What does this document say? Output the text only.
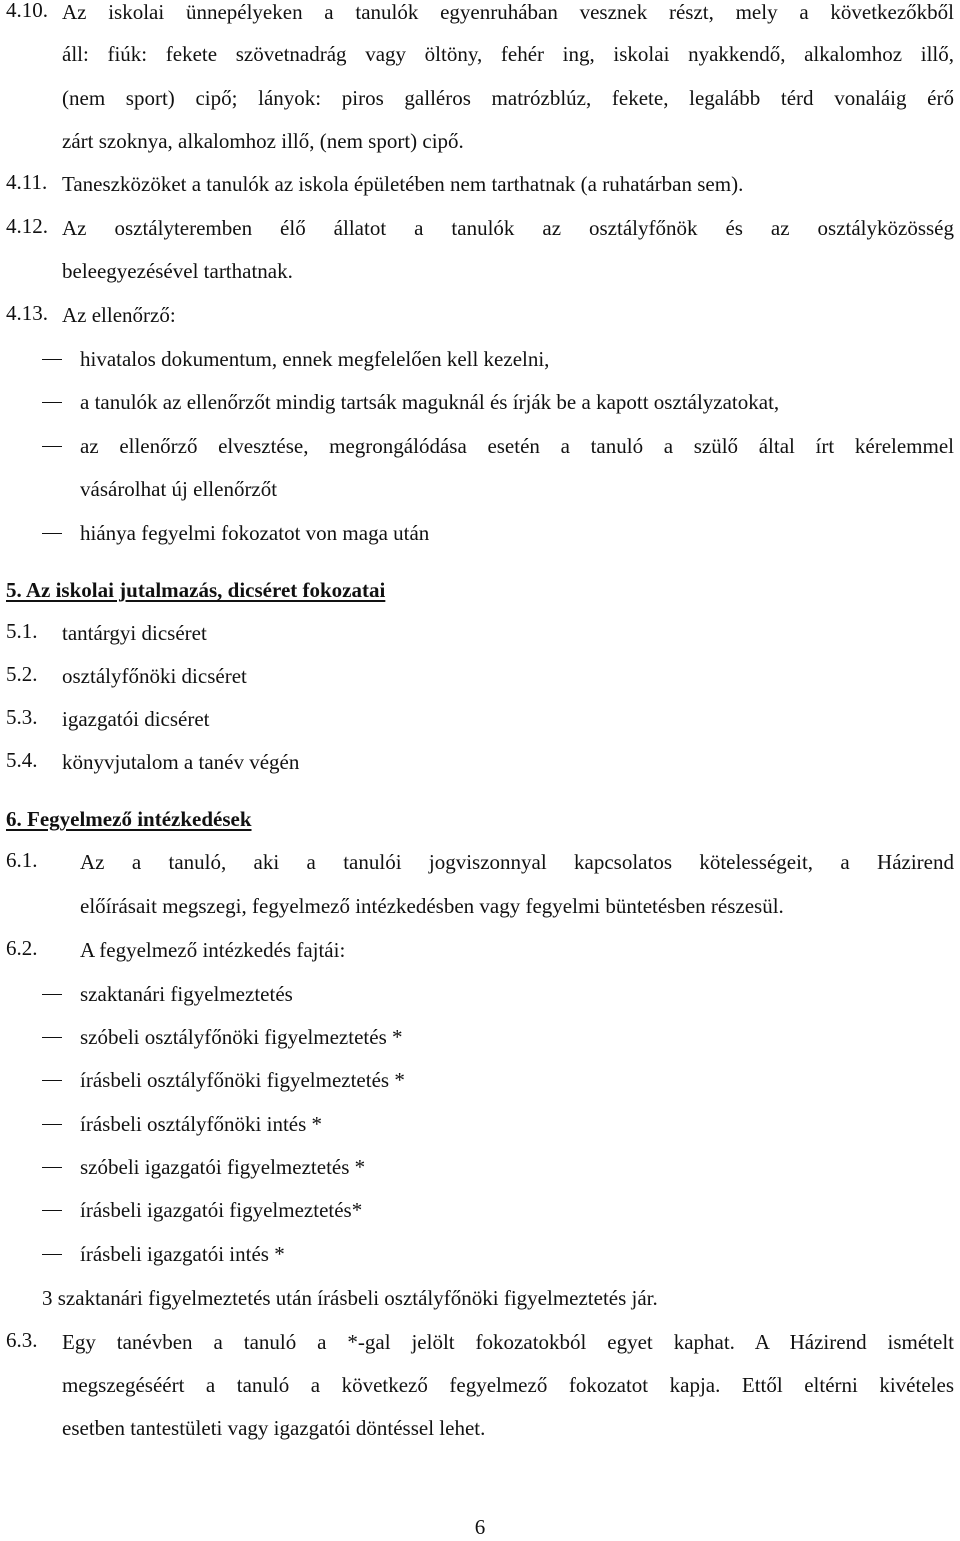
4.10. Az iskolai ünnepélyeken a tanulók egyenruhában vesznek részt, mely a következőkből
áll: fiúk: fekete szövetnadrág vagy öltöny, fehér ing, iskolai nyakkendő, alkalomhoz illő,
(nem sport) cipő; lányok: piros galléros matrózblúz, fekete, legalább térd vonaláig érő
zárt szoknya, alkalomhoz illő, (nem sport) cipő.
4.11. Taneszközöket a tanulók az iskola épületében nem tarthatnak (a ruhatárban sem).
4.12. Az osztályteremben élő állatot a tanulók az osztályfőnök és az osztályközösség
beleegyezésével tarthatnak.
4.13. Az ellenőrző:
hivatalos dokumentum, ennek megfelelően kell kezelni,
a tanulók az ellenőrzőt mindig tartsák maguknál és írják be a kapott osztályzatokat,
az ellenőrző elvesztése, megrongálódása esetén a tanuló a szülő által írt kérelemmel
vásárolhat új ellenőrzőt
hiánya fegyelmi fokozatot von maga után
5. Az iskolai jutalmazás, dicséret fokozatai
5.1. tantárgyi dicséret
5.2. osztályfőnöki dicséret
5.3. igazgatói dicséret
5.4. könyvjutalom a tanév végén
6. Fegyelmező intézkedések
6.1. Az a tanuló, aki a tanulói jogviszonnyal kapcsolatos kötelességeit, a Házirend
előírásait megszegi, fegyelmező intézkedésben vagy fegyelmi büntetésben részesül.
6.2. A fegyelmező intézkedés fajtái:
szaktanári figyelmeztetés
szóbeli osztályfőnöki figyelmeztetés *
írásbeli osztályfőnöki figyelmeztetés *
írásbeli osztályfőnöki intés *
szóbeli igazgatói figyelmeztetés *
írásbeli igazgatói figyelmeztetés*
írásbeli igazgatói intés *
3 szaktanári figyelmeztetés után írásbeli osztályfőnöki figyelmeztetés jár.
6.3. Egy tanévben a tanuló a *-gal jelölt fokozatokból egyet kaphat. A Házirend ismételt
megszegéséért a tanuló a következő fegyelmező fokozatot kapja. Ettől eltérni kivételes
esetben tantestületi vagy igazgatói döntéssel lehet.
6
